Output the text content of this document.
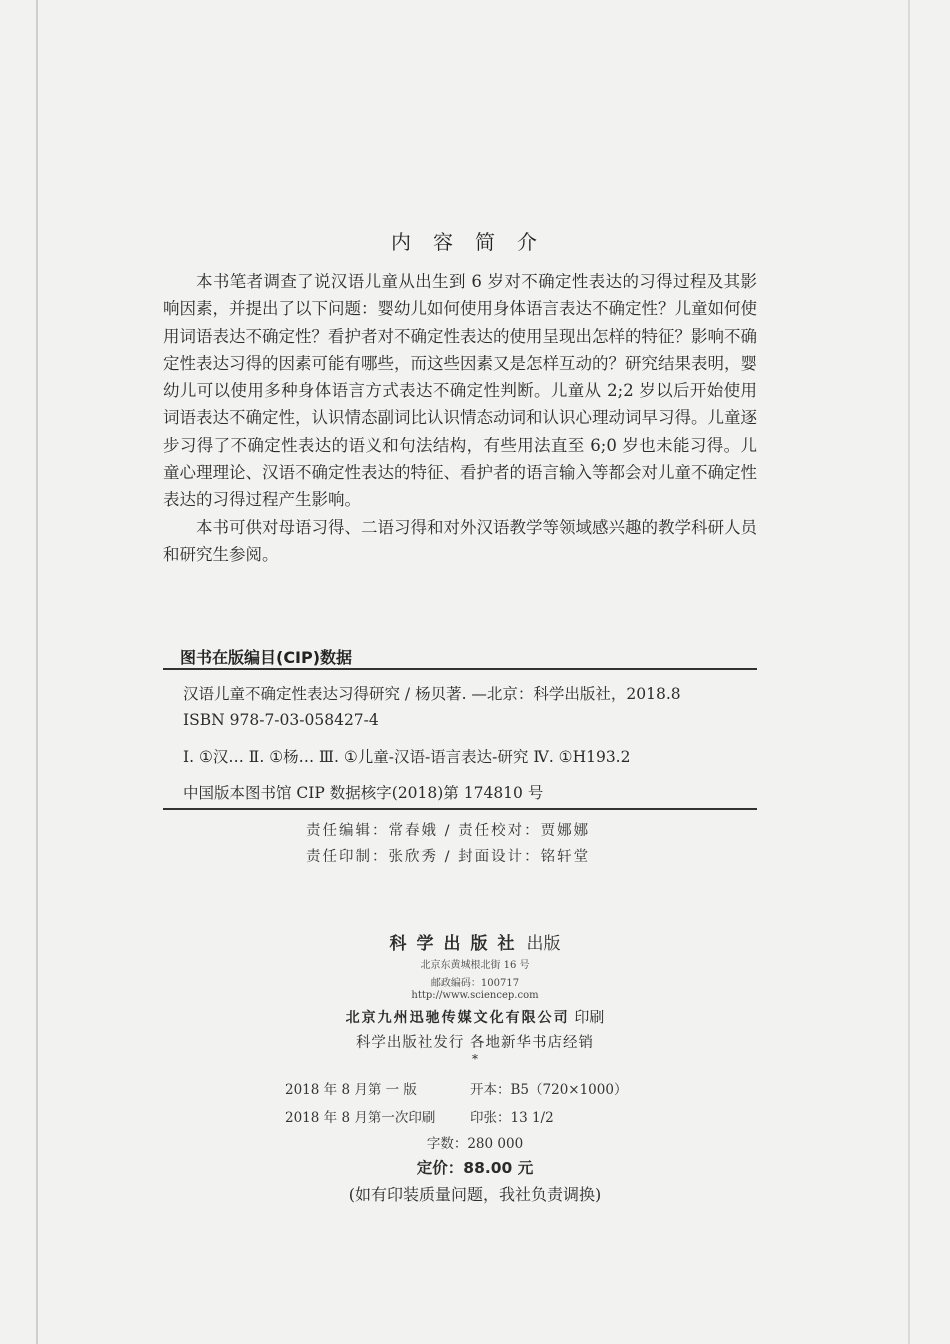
内容简介

本书笔者调查了说汉语儿童从出生到 6 岁对不确定性表达的习得过程及其影响因素，并提出了以下问题：婴幼儿如何使用身体语言表达不确定性？儿童如何使用词语表达不确定性？看护者对不确定性表达的使用呈现出怎样的特征？影响不确定性表达习得的因素可能有哪些，而这些因素又是怎样互动的？研究结果表明，婴幼儿可以使用多种身体语言方式表达不确定性判断。儿童从 2;2 岁以后开始使用词语表达不确定性，认识情态副词比认识情态动词和认识心理动词早习得。儿童逐步习得了不确定性表达的语义和句法结构，有些用法直至 6;0 岁也未能习得。儿童心理理论、汉语不确定性表达的特征、看护者的语言输入等都会对儿童不确定性表达的习得过程产生影响。

本书可供对母语习得、二语习得和对外汉语教学等领域感兴趣的教学科研人员和研究生参阅。

图书在版编目(CIP)数据
汉语儿童不确定性表达习得研究 / 杨贝著. —北京：科学出版社，2018.8
ISBN 978-7-03-058427-4
Ⅰ. ①汉… Ⅱ. ①杨… Ⅲ. ①儿童-汉语-语言表达-研究 Ⅳ. ①H193.2
中国版本图书馆 CIP 数据核字(2018)第 174810 号
责任编辑：常春娥 / 责任校对：贾娜娜
责任印制：张欣秀 / 封面设计：铭轩堂
科学出版社 出版
北京东黄城根北街 16 号
邮政编码：100717
http://www.sciencep.com
北京九州迅驰传媒文化有限公司 印刷
科学出版社发行 各地新华书店经销
*
2018 年 8 月第 一 版	开本：B5（720×1000）
2018 年 8 月第一次印刷	印张：13 1/2
字数：280 000
定价：88.00 元
(如有印装质量问题，我社负责调换)
